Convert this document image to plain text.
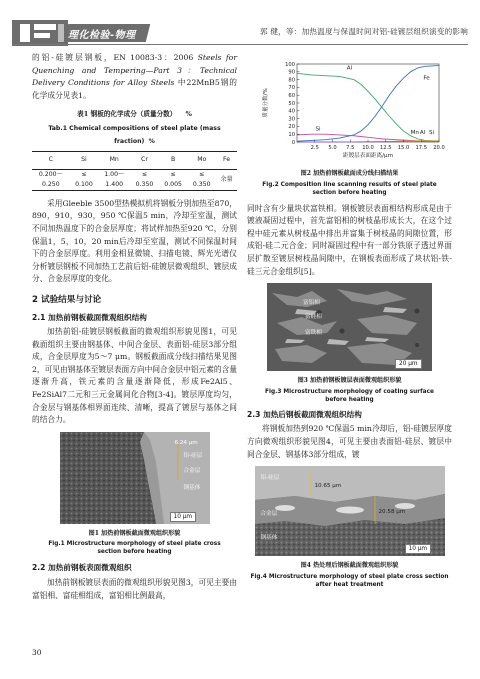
理化检验-物理分册
郭 健，等：加热温度与保温时间对铝-硅镀层组织演变的影响

的铝-硅镀层钢板，EN 10083-3：2006 Steels for Quenching and Tempering—Part 3：Technical Delivery Conditions for Alloy Steels 中22MnB5钢的化学成分见表1。

表1 钢板的化学成分（质量分数） %
Tab.1 Chemical compositions of steel plate (mass fraction) %
C	Si	Mn	Cr	B	Mo	Fe
0.200～	≤	1.00～	≤	≤	≤	余量
0.250	0.100	1.400	0.350	0.005	0.350	

采用Gleeble 3500型热模拟机将钢板分别加热至870，890，910，930，950 ℃保温5 min，冷却至室温，测试不同加热温度下的合金层厚度；将试样加热至920 ℃，分别保温1，5，10，20 min后冷却至室温，测试不同保温时间下的合金层厚度。利用金相显微镜、扫描电镜、辉光光谱仪分析镀层钢板不同加热工艺前后铝-硅镀层微观组织、镀层成分、合金层厚度的变化。

2 试验结果与讨论
2.1 加热前钢板截面微观组织结构

加热前铝-硅镀层钢板截面的微观组织形貌见图1，可见截面组织主要由钢基体、中间合金层、表面铝-硅层3部分组成，合金层厚度为5～7 μm。钢板截面成分线扫描结果见图2，可见由钢基体至镀层表面方向中间合金层中铝元素的含量逐渐升高，铁元素的含量逐渐降低，形成Fe2Al5、Fe2SiAl7二元和三元金属间化合物[3-4]。镀层厚度均匀，合金层与钢基体相界面连续、清晰，提高了镀层与基体之间的结合力。

6.24 μm
铝-硅层
合金层
钢基体
10 μm
图1 加热前钢板截面微观组织形貌
Fig.1 Microstructure morphology of steel plate cross
section before heating
2.2 加热前钢板表面微观组织

加热前钢板镀层表面的微观组织形貌见图3，可见主要由富铝相、富硅相组成，富铝相比例最高，

0
10
20
30
40
50
60
70
80
90
100
2.5 5.0 7.5 10.0 12.5 15.0 17.5 20.0
质量分数/%
距镀层表面距离/μm
Fe
Al
Si
Mn Al Si
图2 加热前钢板截面成分线扫描结果
Fig.2 Composition line scanning results of steel plate
section before heating

同时含有少量块状富铁相。钢板镀层表面相结构形成是由于镀液凝固过程中，首先富铝相的树枝晶形成长大，在这个过程中硅元素从树枝晶中排出并富集于树枝晶的间隙位置，形成铝-硅二元合金；同时凝固过程中有一部分铁原子透过界面层扩散至镀层树枝晶间隙中，在钢板表面形成了块状铝-铁-硅三元合金组织[5]。

富铝相
富硅相
富铁相
20 μm
图3 加热前钢板镀层表面微观组织形貌
Fig.3 Microstructure morphology of coating surface
before heating
2.3 加热后钢板截面微观组织结构

将钢板加热到920 ℃保温5 min冷却后，铝-硅镀层厚度方向微观组织形貌见图4，可见主要由表面铝-硅层、镀层中间合金层、钢基体3部分组成，镀

铝-硅层
合金层
钢基体
10.65 μm
20.58 μm
10 μm
图4 热处理后钢板截面微观组织形貌
Fig.4 Microstructure morphology of steel plate cross section
after heat treatment
30
